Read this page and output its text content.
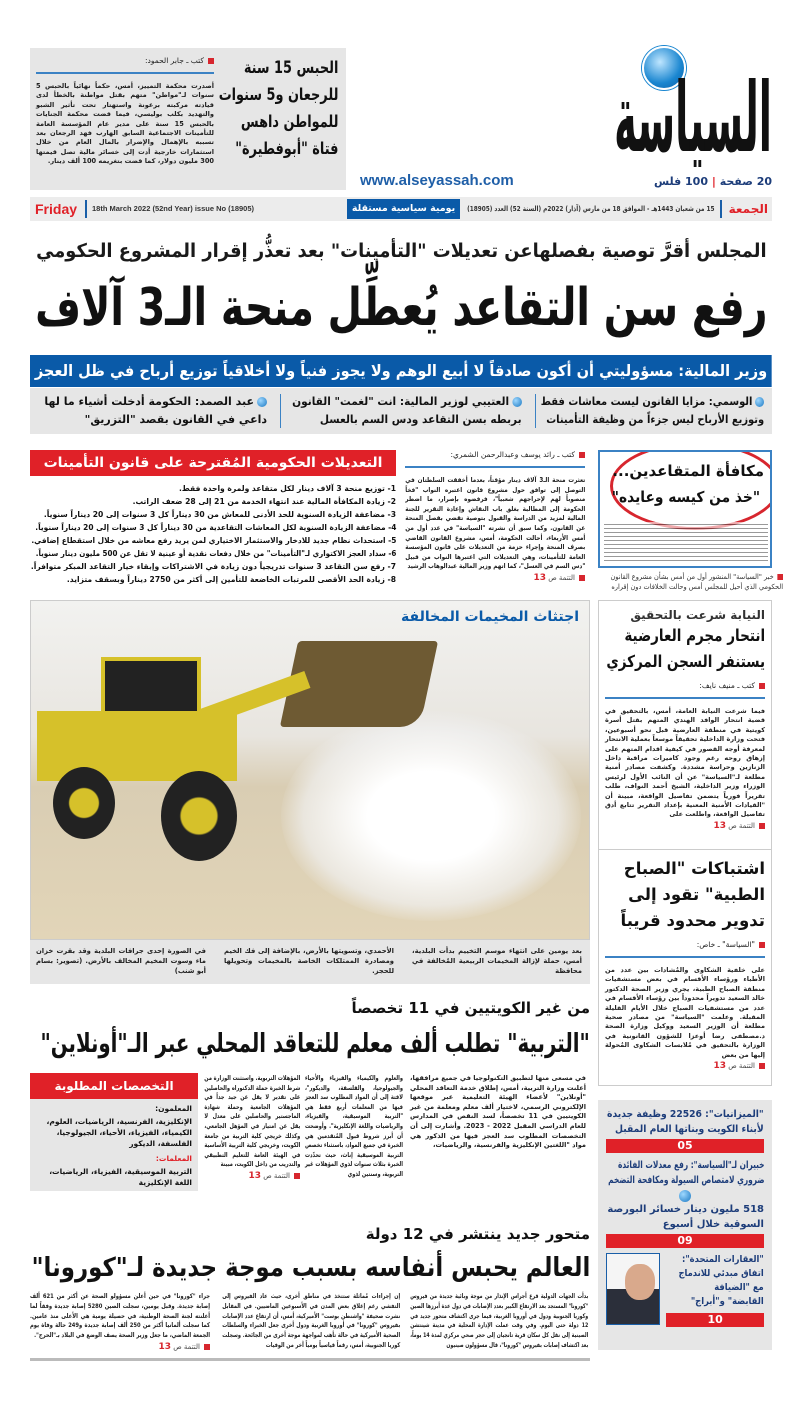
الحبس 15 سنة للرجعان و5 سنوات للمواطن داهس فتاة "أبوفطيرة"
كتب ـ جابر الحمود:
أصدرت محكمة التمييز، أمس، حكماً نهائياً بالحبس 5 سنوات لـ"مواطن" متهم بقتل مواطنة بالخطأ لدى قيادته مركبته برعونة واستهتار تحت تأثير الشبو والتهديد بكلب بوليسي، فيما قضت محكمة الجنايات بالحبس 15 سنة على مدير عام المؤسسة العامة للتأمينات الاجتماعية السابق الهارب فهد الرجعان بعد تسببه بالإهمال والإضرار بالمال العام من خلال استثمارات خارجية أدت إلى خسائر مالية تصل قيمتها 300 مليون دولار، كما قضت بتغريمه 100 ألف دينار.	السياسة
www.alseyassah.com	20 صفحة | 100 فلس
الجمعة
15 من شعبان 1443هـ - الموافق 18 من مارس (آذار) 2022م (السنة 52) العدد (18905)
يومية سياسية مستقلة
18th March 2022 (52nd Year) issue No (18905)
Friday
المجلس أقرَّ توصية بفصلهاعن تعديلات "التأمينات" بعد تعذُّر إقرار المشروع الحكومي
رفع سن التقاعد يُعطِّل منحة الـ3 آلاف
وزير المالية: مسؤوليتي أن أكون صادقاً لا أبيع الوهم ولا يجوز فنياً ولا أخلاقياً توزيع أرباح في ظل العجز
الوسمي: مزايا القانون ليست معاشات فقط وتوزيع الأرباح ليس جزءاً من وظيفة التأمينات
العتيبي لوزير المالية: انت "لغمت" القانون بربطه بسن التقاعد ودس السم بالعسل
عبد الصمد: الحكومة أدخلت أشياء ما لها داعي في القانون بقصد "التزريق"
التعديلات الحكومية المُقترحة على قانون التأمينات
1- توزيع منحة 3 آلاف دينار لكل متقاعد ولمرة واحدة فقط.
2- زيادة المكافأة المالية عند انتهاء الخدمة من 21 إلى 28 ضعف الراتب.
3- مضاعفة الزيادة السنوية للحد الأدنى للمعاش من 30 ديناراً كل 3 سنوات إلى 20 ديناراً سنوياً.
4- مضاعفة الزيادة السنوية لكل المعاشات التقاعدية من 30 ديناراً كل 3 سنوات إلى 20 ديناراً سنوياً.
5- استحداث نظام جديد للادخار والاستثمار الاختياري لمن يريد رفع معاشه من خلال استقطاع إضافي.
6- سداد العجز الاكتواري لـ"التأمينات" من خلال دفعات نقدية أو عينية لا تقل عن 500 مليون دينار سنوياً.
7- رفع سن التقاعد 3 سنوات تدريجياً دون زيادة في الاشتراكات وإبقاء خيار التقاعد المبكر متوافراً.
8- زيادة الحد الأقصى للمرتبات الخاضعة للتأمين إلى أكثر من 2750 ديناراً وبسقف متزايد.
كتب ـ رائد يوسف وعبدالرحمن الشمري:
تعثرت منحة الـ3 آلاف دينار مؤقتاً، بعدما أخفقت السلطتان في التوصل إلى توافق حول مشروع قانون اعتبره النواب "فخاً منصوباً لهم لإحراجهم شعبياً"، فرفضوه بإصرار، ما اضطر الحكومة إلى المطالبة بغلق باب النقاش وإعادة التقرير للجنة المالية لمزيد من الدراسة والقبول بتوصية تقضي بفصل المنحة عن القانون. وكما سبق أن نشرته "السياسة" في عدد أول من أمس الأربعاء، أحالت الحكومة، أمس، مشروع القانون القاضي بصرف المنحة وإجراء حزمة من التعديلات على قانون المؤسسة العامة للتأمينات، وهي التعديلات التي اعتبرها النواب من قبيل "دس السم في العسل"، كما اتهم وزير المالية عبدالوهاب الرشيد
التتمة ص 13
مكافأة المتقاعدين...
"خذ من كيسه وعايده"
خبر "السياسة" المنشور أول من أمس بشأن مشروع القانون الحكومي الذي أحيل للمجلس أمس وحالت الخلافات دون إقراره
اجتثاث المخيمات المخالفة
بعد يومين على انتهاء موسم التخييم بدأت البلدية، أمس، حملة لإزالة المخيمات الربيعية المُخالفة في محافظة
الأحمدي، وتسويتها بالأرض، بالإضافة إلى فك الخيم ومصادرة الممتلكات الخاصة بالمخيمات وتحويلها للحجز.
في الصورة إحدى جرافات البلدية وقد بقرت خزان ماء وسوت المخيم المخالف بالأرض. (تصوير: بسام أبو شنب)
النيابة شرعت بالتحقيق
انتحار مجرم العارضية يستنفر السجن المركزي
كتب ـ منيف نايف:
فيما شرعت النيابة العامة، أمس، بالتحقيق في قضية انتحار الوافد الهندي المتهم بقتل أسرة كويتية في منطقة العارضية قبل نحو أسبوعين، فتحت وزارة الداخلية تحقيقاً موسعاً بعملية الانتحار لمعرفة أوجه القصور في كيفية اقدام المتهم على إزهاق روحه رغم وجود كاميرات مراقبة داخل الزنازين وحراسة مشددة. وكشفت مصادر أمنية مطلعة لـ"السياسة" عن أن النائب الأول لرئيس الوزراء وزير الداخلية، الشيخ أحمد النواف، طلب تقريراً فورياً يتضمن تفاصيل الواقعة، مبينة أن "القيادات الأمنية المعنية بإعداد التقرير تتابع أدق تفاصيل الواقعة، واطلعت على
التتمة ص 13
اشتباكات "الصباح الطبية" تقود إلى تدوير محدود قريباً
"السياسة" ـ خاص:
على خلفية الشكاوى والمُشادات بين عدد من الأطباء ورؤساء الأقسام في بعض مستشفيات منطقة الصباح الطبية، يجري وزير الصحة الدكتور خالد السعيد تدويراً محدوداً بين رؤساء الأقسام في عدد من مستشفيات الصباح خلال الأيام القليلة المقبلة. وعلمت "السياسة" من مصادر صحية مطلعة أن الوزير السعيد ووكيل وزارة الصحة د.مصطفى رضا أوعزا للشؤون القانونية في الوزارة بالتحقيق في مُلابسات الشكاوى المُحولة إليها من بعض
التتمة ص 13
"الميزانيات": 22526 وظيفة جديدة لأبناء الكويت وبناتها العام المقبل
05
خبيران لـ"السياسة": رفع معدلات الفائدة ضروري لامتصاص السيولة ومكافحة التضخم
518 مليون دينار خسائر البورصة السوقية خلال أسبوع
09
"العقارات المتحدة": اتفاق مبدئي للاندماج مع "الضيافة القابضة" و"أبراج"
10
من غير الكويتيين في 11 تخصصاً
"التربية" تطلب ألف معلم للتعاقد المحلي عبر الـ"أونلاين"
في مسعى منها لتطبيق التكنولوجيا في جميع مرافقها، أعلنت وزارة التربية، أمس، إطلاق خدمة التعاقد المحلي "أونلاين" لأعضاء الهيئة التعليمية عبر موقعها الإلكتروني الرسمي، لاختيار ألف معلم ومعلمة من غير الكويتيين في 11 تخصصاً، لسد النقص في المدارس للعام الدراسي المقبل 2022 - 2023. وأشارت إلى أن التخصصات المطلوب سد العجز فيها من الذكور هي مواد "اللغتين الإنكليزية والفرنسية، والرياضيات،
والعلوم والكيمياء والفيزياء والأحياء والجيولوجيا، والفلسفة، والديكور"، لافتة إلى أن المواد المطلوب سد العجز فيها من المعلمات أربع فقط هي "التربية الموسيقية، والفيزياء، والرياضيات واللغة الإنكليزية". وأوضحت أن أبرز شروط قبول المُتقدمين هي الخبرة في جميع المواد، باستثناء تخصص التربية الموسيقية إناث، حيث تحدّدت الخبرة بثلاث سنوات لذوي المؤهلات غير التربوية، وسنتين لذوي
المؤهلات التربوية. واستثنت الوزارة من شرط الخبرة حملة الدكتوراه والحاصلين على تقدير لا يقل عن جيد جداً في المؤهلات الجامعية وحملة شهادة الماجستير والحاصلين على معدل لا يقل عن امتياز في المؤهل الجامعي، وكذلك خريجي كلية التربية من جامعة الكويت، وخريجي كلية التربية الأساسية في الهيئة العامة للتعليم التطبيقي والتدريب من داخل الكويت، مبينة
التتمة ص 13
التخصصات المطلوبة
المعلمون:
الإنكليزية، الفرنسية، الرياضيات، العلوم، الكيمياء، الفيزياء، الأحياء، الجيولوجيا، الفلسفة، الديكور
المعلمات:
التربية الموسيقية، الفيزياء، الرياضيات، اللغة الإنكليزية
متحور جديد ينتشر في 12 دولة
العالم يحبس أنفاسه بسبب موجة جديدة لـ"كورونا"
بدأت الجهات الدولية قرع أجراس الإنذار من موجة وبائية جديدة من فيروس "كورونا" المستجد بعد الارتفاع الكبير بعدد الإصابات في دول عدة أبرزها الصين وكوريا الجنوبية ودول في أوروبا الغربية، فيما جرى اكتشاف متحور جديد في 12 دولة حتى اليوم. وفي وقت عملت الإدارة المحلية في مدينة شينتشن الصينية إلى نقل كل سكان قرية تانجيان إلى حجر صحي مركزي لمدة 14 يوماً، بعد اكتشاف إصابات بفيروس "كورونا"، قال مسؤولون صينيون
إن إجراءات مُماثلة ستتخذ في مناطق أخرى، حيث عاد الفيروس إلى التفشي رغم إغلاق بعض المدن في الأسبوعين الماضيين. في المقابل نشرت صحيفة "واشنطن بوست" الأميركية، أمس، أن ارتفاع عدد الإصابات بفيروس "كورونا" في أوروبا الغربية ودول أخرى جعل الخبراء والسلطات الصحية الأميركية في حالة تأهب لمواجهة موجة أخرى من الجائحة. وسجلت كوريا الجنوبية، أمس، رقماً قياسياً يومياً آخر من الوفيات
جراء "كورونا" في حين أعلن مسؤولو الصحة عن أكثر من 621 ألف إصابة جديدة. وقبل يومين، سجلت الصين 5280 إصابة جديدة وفقاً لما أعلنته لجنة الصحة الوطنية، في حصيلة يومية هي الأعلى منذ عامين. كما سجلت ألمانيا أكثر من 250 ألف إصابة جديدة و249 حالة وفاة يوم الجمعة الماضي، ما جعل وزير الصحة يصف الوضع في البلاد بـ"الحرج".
التتمة ص 13
